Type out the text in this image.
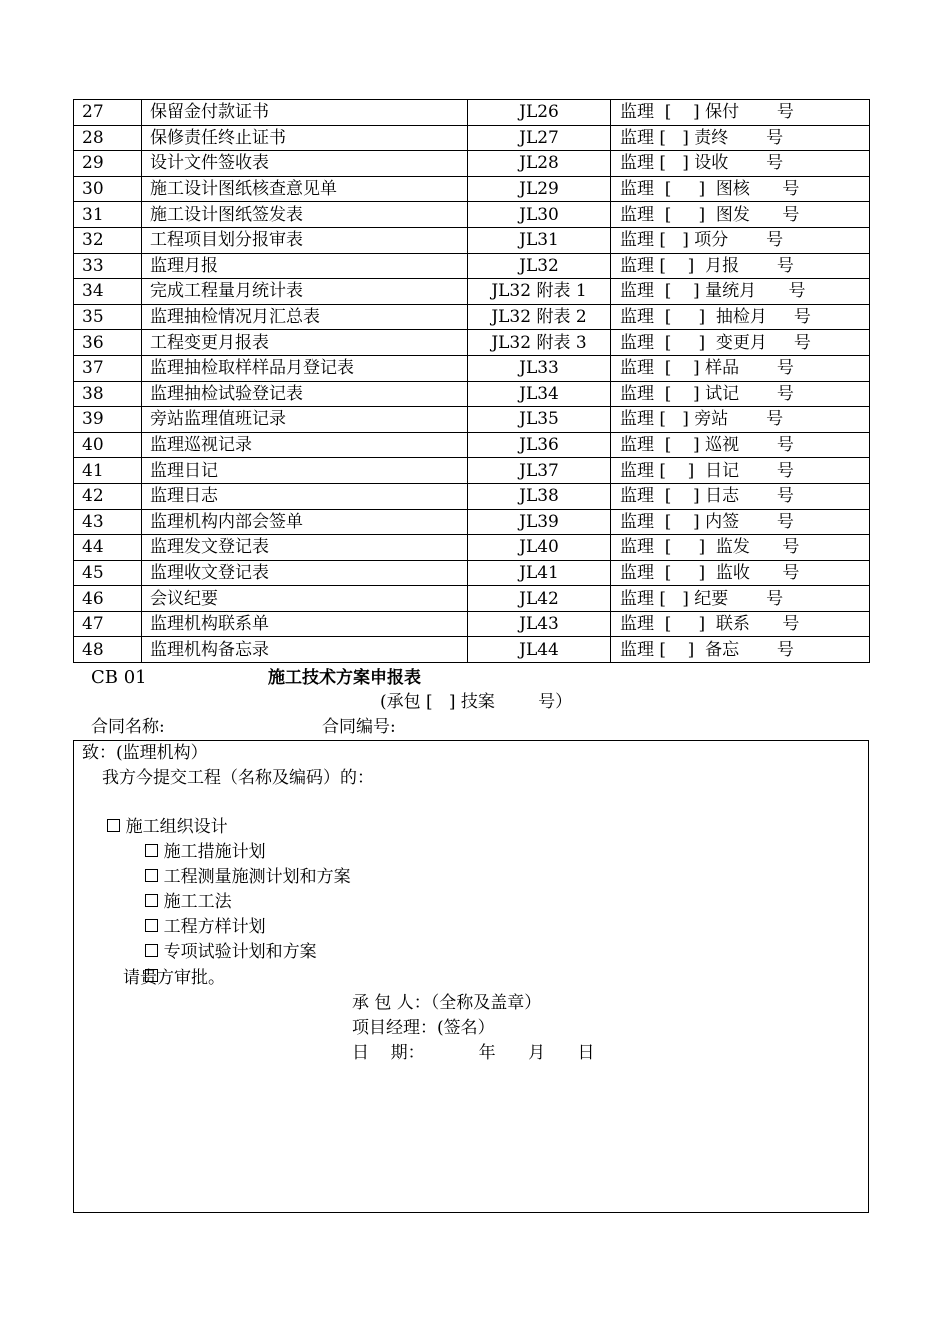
27	保留金付款证书	JL26	监理  [    ] 保付       号
28	保修责任终止证书	JL27	监理 [   ] 责终       号
29	设计文件签收表	JL28	监理 [   ] 设收       号
30	施工设计图纸核查意见单	JL29	监理  [     ]  图核      号
31	施工设计图纸签发表	JL30	监理  [     ]  图发      号
32	工程项目划分报审表	JL31	监理 [   ] 项分       号
33	监理月报	JL32	监理 [    ]  月报       号
34	完成工程量月统计表	JL32 附表 1	监理  [    ] 量统月      号
35	监理抽检情况月汇总表	JL32 附表 2	监理  [     ]  抽检月     号
36	工程变更月报表	JL32 附表 3	监理  [     ]  变更月     号
37	监理抽检取样样品月登记表	JL33	监理  [    ] 样品       号
38	监理抽检试验登记表	JL34	监理  [    ] 试记       号
39	旁站监理值班记录	JL35	监理 [   ] 旁站       号
40	监理巡视记录	JL36	监理  [    ] 巡视       号
41	监理日记	JL37	监理 [    ]  日记       号
42	监理日志	JL38	监理  [    ] 日志       号
43	监理机构内部会签单	JL39	监理  [    ] 内签       号
44	监理发文登记表	JL40	监理  [     ]  监发      号
45	监理收文登记表	JL41	监理  [     ]  监收      号
46	会议纪要	JL42	监理 [   ] 纪要       号
47	监理机构联系单	JL43	监理  [     ]  联系      号
48	监理机构备忘录	JL44	监理 [    ]  备忘       号
CB 01	施工技术方案申报表
(承包 [   ] 技案        号）
合同名称:	合同编号:
致：(监理机构）
我方今提交工程（名称及编码）的：

施工组织设计

施工措施计划

工程测量施测计划和方案

施工工法

工程方样计划

专项试验计划和方案

请贵方审批。
承 包 人：（全称及盖章）
项目经理：(签名）
日    期：          年      月      日
